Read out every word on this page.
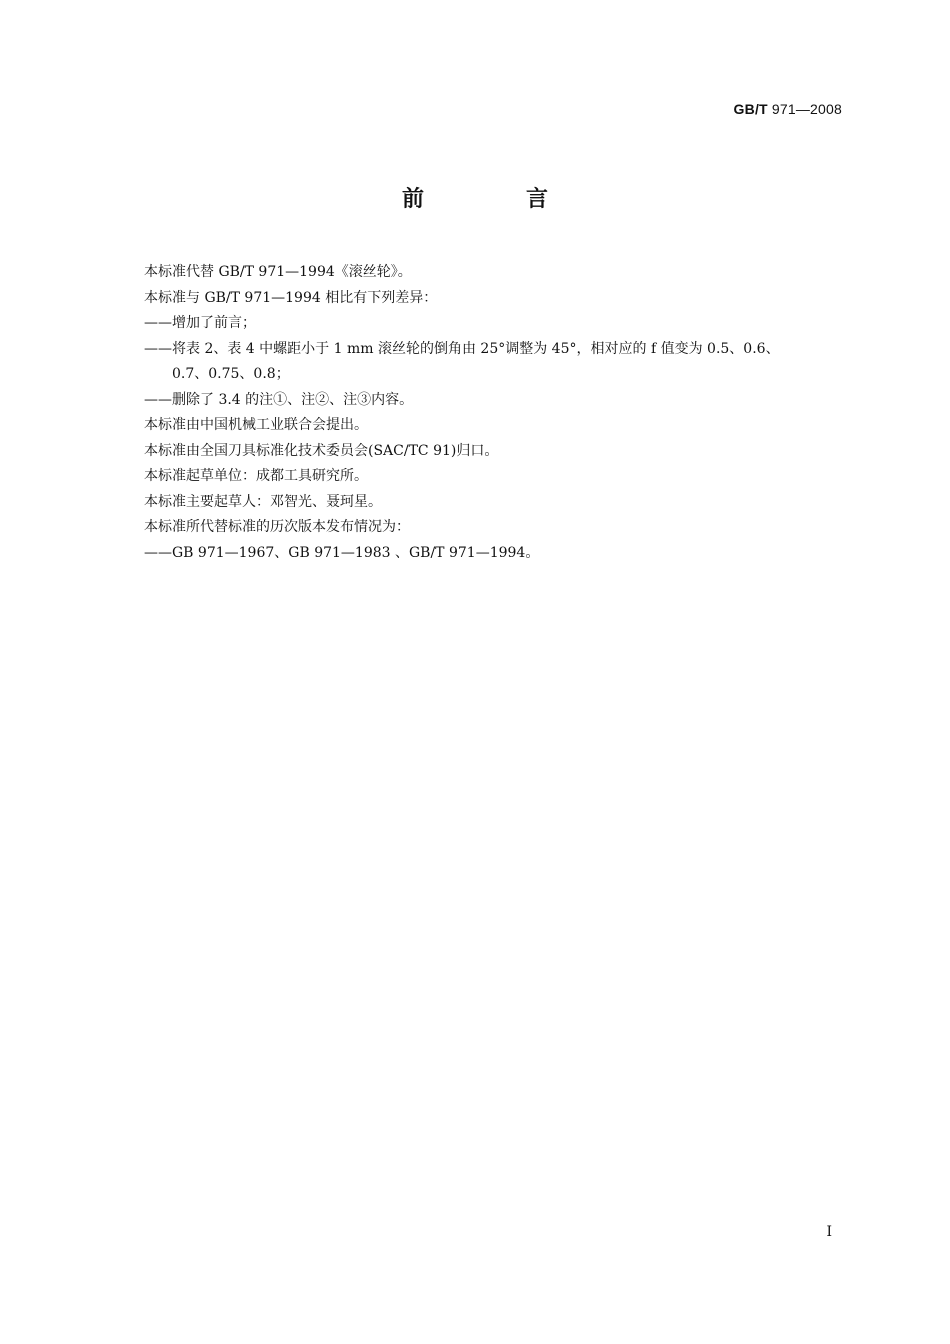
GB/T 971—2008
前　言
本标准代替 GB/T 971—1994《滚丝轮》。
本标准与 GB/T 971—1994 相比有下列差异：
——增加了前言；
——将表 2、表 4 中螺距小于 1 mm 滚丝轮的倒角由 25°调整为 45°，相对应的 f 值变为 0.5、0.6、
0.7、0.75、0.8；
——删除了 3.4 的注①、注②、注③内容。
本标准由中国机械工业联合会提出。
本标准由全国刀具标准化技术委员会(SAC/TC 91)归口。
本标准起草单位：成都工具研究所。
本标准主要起草人：邓智光、聂珂星。
本标准所代替标准的历次版本发布情况为：
——GB 971—1967、GB 971—1983 、GB/T 971—1994。
I
